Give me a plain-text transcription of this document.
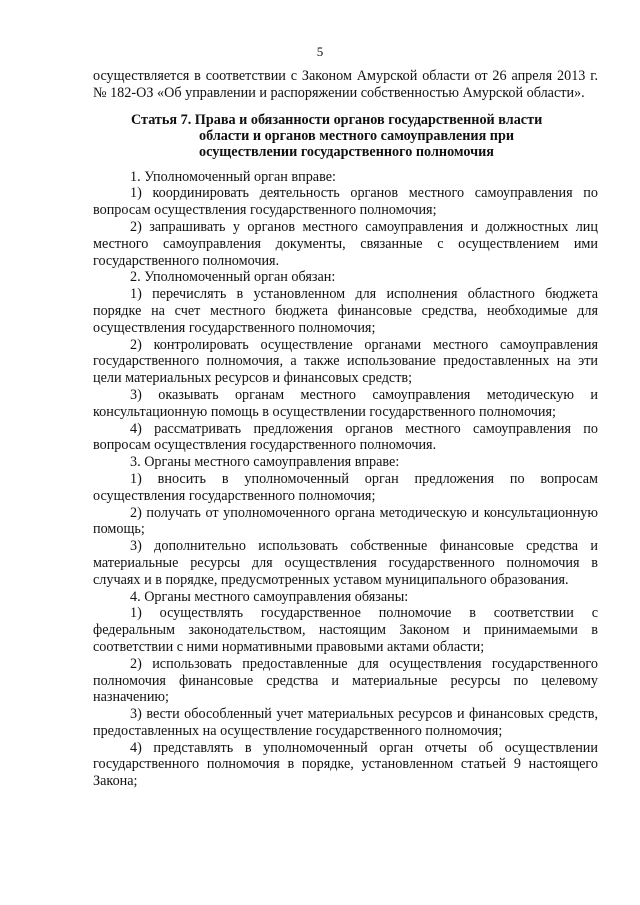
5

осуществляется в соответствии с Законом Амурской области от 26 апреля 2013 г. № 182-ОЗ «Об управлении и распоряжении собственностью Амурской области».

Статья 7. Права и обязанности органов государственной власти
области и органов местного самоуправления при
осуществлении государственного полномочия

1. Уполномоченный орган вправе:

1) координировать деятельность органов местного самоуправления по вопросам осуществления государственного полномочия;

2) запрашивать у органов местного самоуправления и должностных лиц местного самоуправления документы, связанные с осуществлением ими государственного полномочия.

2. Уполномоченный орган обязан:

1) перечислять в установленном для исполнения областного бюджета порядке на счет местного бюджета финансовые средства, необходимые для осуществления государственного полномочия;

2) контролировать осуществление органами местного самоуправления государственного полномочия, а также использование предоставленных на эти цели материальных ресурсов и финансовых средств;

3) оказывать органам местного самоуправления методическую и консультационную помощь в осуществлении государственного полномочия;

4) рассматривать предложения органов местного самоуправления по вопросам осуществления государственного полномочия.

3. Органы местного самоуправления вправе:

1) вносить в уполномоченный орган предложения по вопросам осуществления государственного полномочия;

2) получать от уполномоченного органа методическую и консультационную помощь;

3) дополнительно использовать собственные финансовые средства и материальные ресурсы для осуществления государственного полномочия в случаях и в порядке, предусмотренных уставом муниципального образования.

4. Органы местного самоуправления обязаны:

1) осуществлять государственное полномочие в соответствии с федеральным законодательством, настоящим Законом и принимаемыми в соответствии с ними нормативными правовыми актами области;

2) использовать предоставленные для осуществления государственного полномочия финансовые средства и материальные ресурсы по целевому назначению;

3) вести обособленный учет материальных ресурсов и финансовых средств, предоставленных на осуществление государственного полномочия;

4) представлять в уполномоченный орган отчеты об осуществлении государственного полномочия в порядке, установленном статьей 9 настоящего Закона;
